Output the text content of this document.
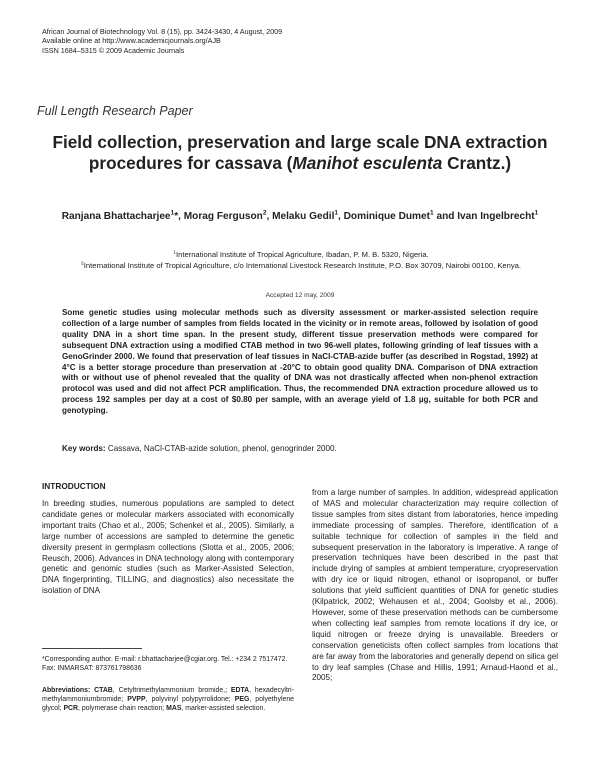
African Journal of Biotechnology Vol. 8 (15), pp. 3424-3430, 4 August, 2009
Available online at http://www.academicjournals.org/AJB
ISSN 1684–5315 © 2009 Academic Journals
Full Length Research Paper
Field collection, preservation and large scale DNA extraction procedures for cassava (Manihot esculenta Crantz.)
Ranjana Bhattacharjee$^1$*, Morag Ferguson$^2$, Melaku Gedil$^1$, Dominique Dumet$^1$ and Ivan Ingelbrecht$^1$
$^1$International Institute of Tropical Agriculture, Ibadan, P. M. B. 5320, Nigeria.
$^2$International Institute of Tropical Agriculture, c/o International Livestock Research Institute, P.O. Box 30709, Nairobi 00100, Kenya.
Accepted 12 may, 2009
Some genetic studies using molecular methods such as diversity assessment or marker-assisted selection require collection of a large number of samples from fields located in the vicinity or in remote areas, followed by isolation of good quality DNA in a short time span. In the present study, different tissue preservation methods were compared for subsequent DNA extraction using a modified CTAB method in two 96-well plates, following grinding of leaf tissues with a GenoGrinder 2000. We found that preservation of leaf tissues in NaCl-CTAB-azide buffer (as described in Rogstad, 1992) at 4°C is a better storage procedure than preservation at -20°C to obtain good quality DNA. Comparison of DNA extraction with or without use of phenol revealed that the quality of DNA was not drastically affected when non-phenol extraction protocol was used and did not affect PCR amplification. Thus, the recommended DNA extraction procedure allowed us to process 192 samples per day at a cost of $0.80 per sample, with an average yield of 1.8 µg, suitable for both PCR and genotyping.
Key words: Cassava, NaCl-CTAB-azide solution, phenol, genogrinder 2000.
INTRODUCTION
In breeding studies, numerous populations are sampled to detect candidate genes or molecular markers associated with economically important traits (Chao et al., 2005; Schenkel et al., 2005). Similarly, a large number of accessions are sampled to determine the genetic diversity present in germplasm collections (Slotta et al., 2005, 2006; Reusch, 2006). Advances in DNA technology along with contemporary genetic and genomic studies (such as Marker-Assisted Selection, DNA fingerprinting, TILLING, and diagnostics) also necessitate the isolation of DNA
from a large number of samples. In addition, widespread application of MAS and molecular characterization may require collection of tissue samples from sites distant from laboratories, hence impeding immediate processing of samples. Therefore, identification of a suitable technique for collection of samples in the field and subsequent preservation in the laboratory is imperative. A range of preservation techniques have been described in the past that include drying of samples at ambient temperature, cryopreservation with dry ice or liquid nitrogen, ethanol or isopropanol, or buffer solutions that yield sufficient quantities of DNA for genetic studies (Kilpatrick, 2002; Wehausen et al., 2004; Goolsby et al., 2006). However, some of these preservation methods can be cumbersome when collecting leaf samples from remote locations if dry ice, or liquid nitrogen or freeze drying is unavailable. Breeders or conservation geneticists often collect samples from locations that are far away from the laboratories and generally depend on silica gel to dry leaf samples (Chase and Hillis, 1991; Arnaud-Haond et al., 2005;
*Corresponding author. E-mail: r.bhattacharjee@cgiar.org. Tel.: +234 2 7517472. Fax: INMARSAT: 873761798636
Abbreviations: CTAB, Cetyltrimethylammonium bromide,; EDTA, hexadecyltri-methylammoniumbromide; PVPP, polyvinyl polypyrrolidone; PEG, polyethylene glycol; PCR, polymerase chain reaction; MAS, marker-assisted selection.
